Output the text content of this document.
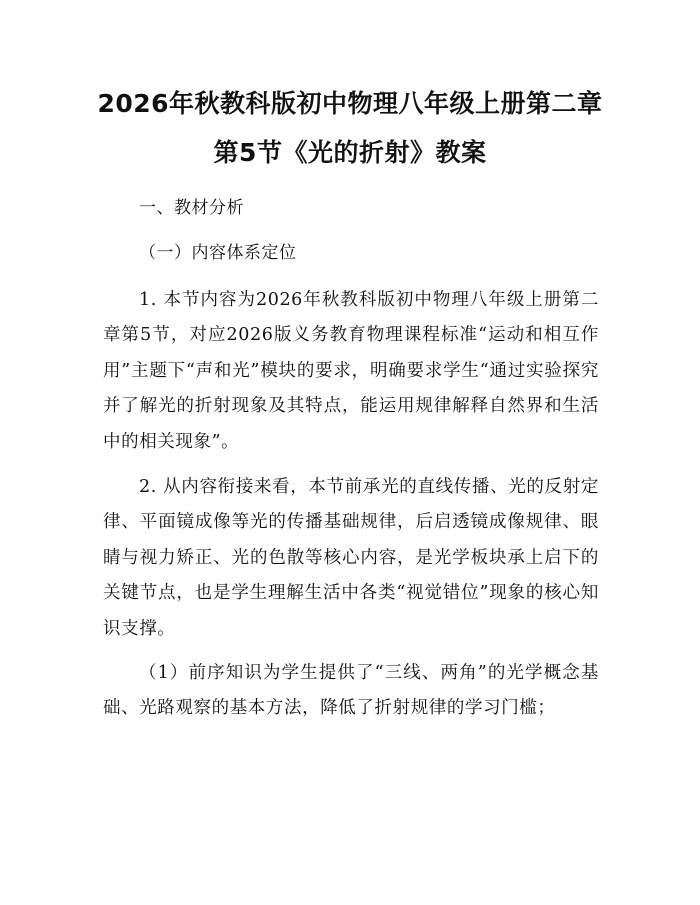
2026年秋教科版初中物理八年级上册第二章
第5节《光的折射》教案
一、教材分析
（一）内容体系定位
1. 本节内容为2026年秋教科版初中物理八年级上册第二章第5节，对应2026版义务教育物理课程标准“运动和相互作用”主题下“声和光”模块的要求，明确要求学生“通过实验探究并了解光的折射现象及其特点，能运用规律解释自然界和生活中的相关现象”。
2. 从内容衔接来看，本节前承光的直线传播、光的反射定律、平面镜成像等光的传播基础规律，后启透镜成像规律、眼睛与视力矫正、光的色散等核心内容，是光学板块承上启下的关键节点，也是学生理解生活中各类“视觉错位”现象的核心知识支撑。
（1）前序知识为学生提供了“三线、两角”的光学概念基础、光路观察的基本方法，降低了折射规律的学习门槛；
